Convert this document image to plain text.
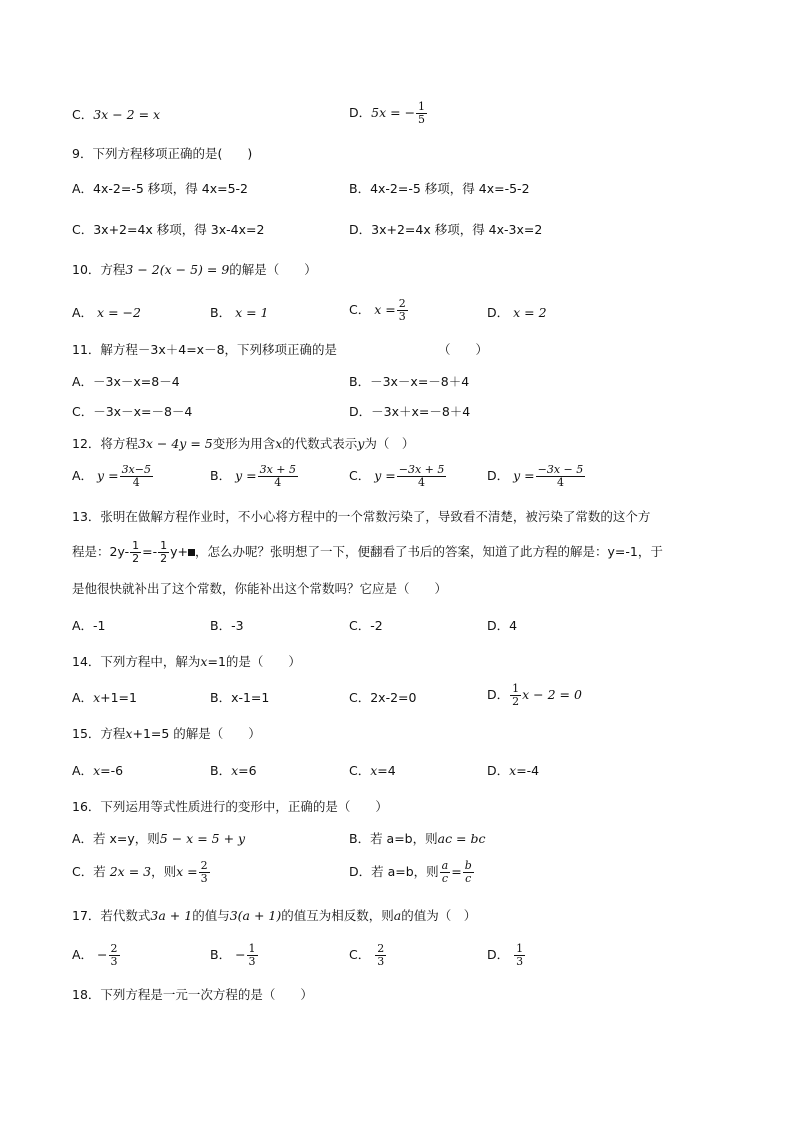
C．3x − 2 = x	D．5x = − $\frac{1}{5}$
9．下列方程移项正确的是(　　)
A．4x-2=-5 移项，得 4x=5-2	B．4x-2=-5 移项，得 4x=-5-2
C．3x+2=4x 移项，得 3x-4x=2	D．3x+2=4x 移项，得 4x-3x=2
10．方程3 − 2(x − 5) = 9的解是（　　）
A． x = −2	B． x = 1	C． $x = \frac{2}{3}$	D． x = 2
11．解方程－3x＋4=x－8，下列移项正确的是	（　　）
A．－3x－x=8－4	B．－3x－x=－8＋4
C．－3x－x=－8－4	D．－3x＋x=－8＋4
12．将方程3x − 4y = 5变形为用含x的代数式表示y为（　）
A． $y = \frac{3x-5}{4}$	B． $y = \frac{3x + 5}{4}$	C． $y = \frac{-3x + 5}{4}$	D． $y = \frac{-3x - 5}{4}$
13．张明在做解方程作业时，不小心将方程中的一个常数污染了，导致看不清楚，被污染了常数的这个方
程是：$2y- \frac{1}{2} =- \frac{1}{2} y+$ ，怎么办呢？张明想了一下，便翻看了书后的答案，知道了此方程的解是：y=-1，于
是他很快就补出了这个常数，你能补出这个常数吗？它应是（　　）
A．-1	B．-3	C．-2	D．4
14．下列方程中，解为x=1的是（　　）
A．x+1=1	B．x-1=1	C．2x-2=0	D． $\frac{1}{2}$ x − 2 = 0
15．方程x+1=5 的解是（　　）
A．x=-6	B．x=6	C．x=4	D．x=-4
16．下列运用等式性质进行的变形中，正确的是（　　）
A．若 x=y，则5 − x = 5 + y	B．若 a=b，则ac = bc
C．若 2x = 3，则$x = \frac{2}{3}$	D．若 a=b，则 $\frac{a}{c} = \frac{b}{c}$
17．若代数式3a + 1的值与3(a + 1)的值互为相反数，则a的值为（　）
A． − $\frac{2}{3}$	B． − $\frac{1}{3}$	C． $\frac{2}{3}$	D． $\frac{1}{3}$
18．下列方程是一元一次方程的是（　　）
